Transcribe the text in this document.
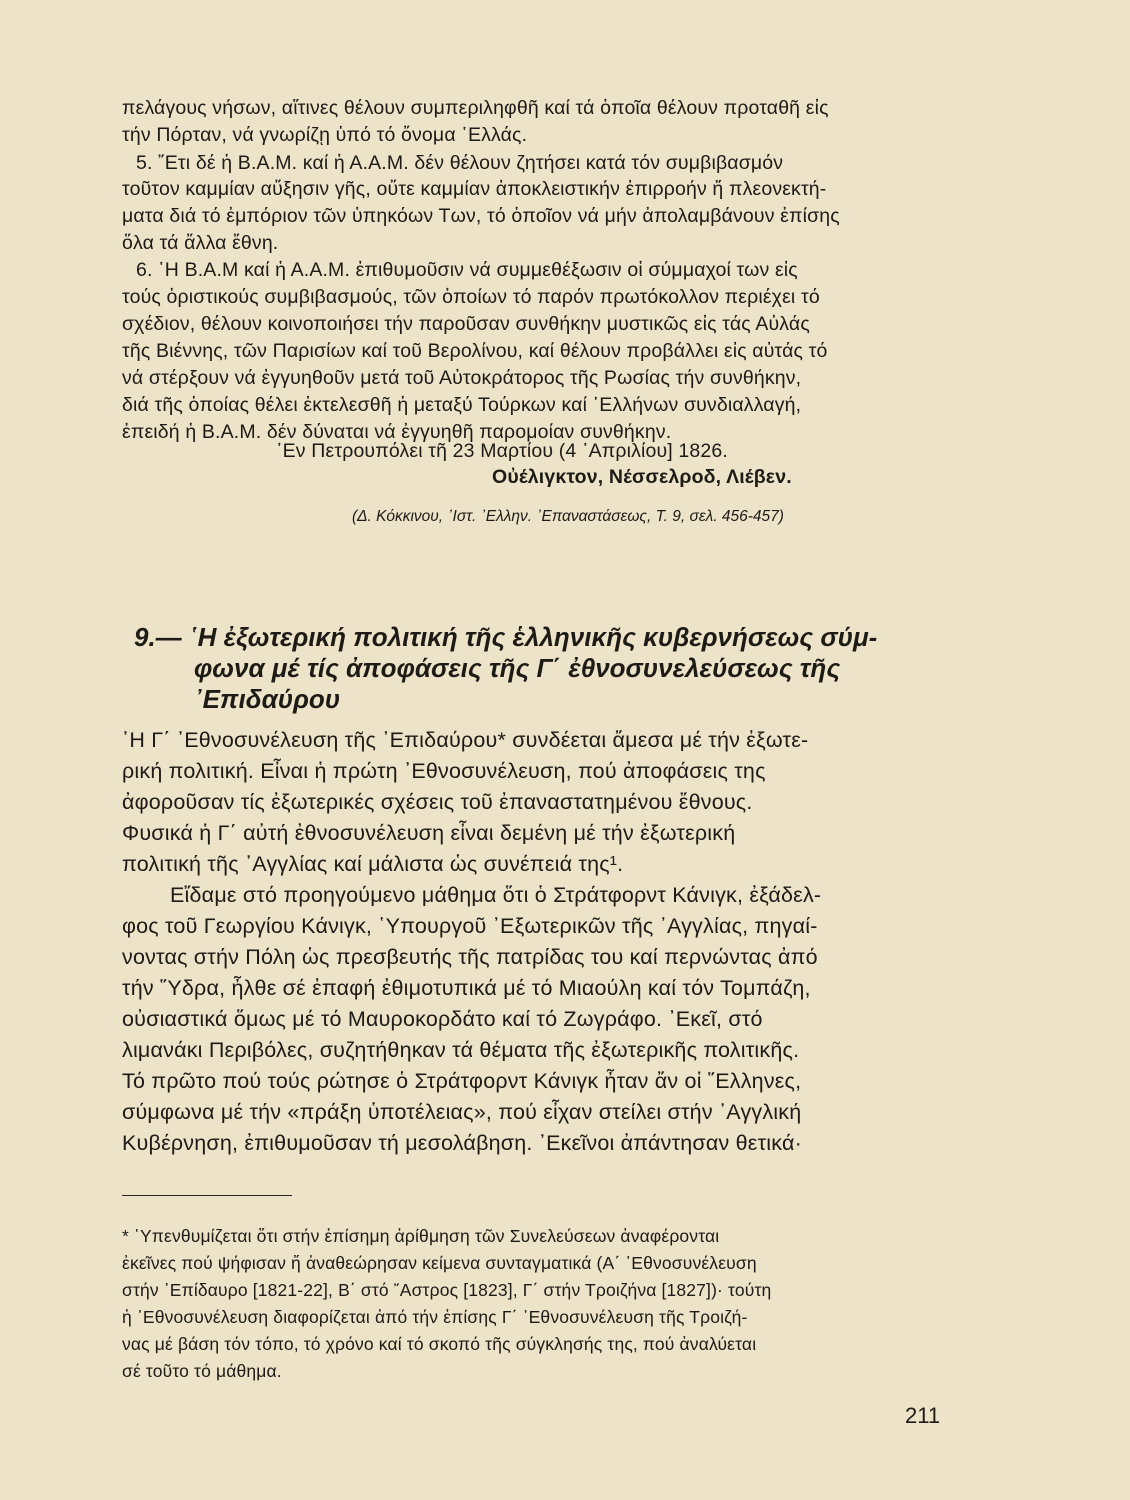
πελάγους νήσων, αἵτινες θέλουν συμπεριληφθῆ καί τά ὁποῖα θέλουν προταθῆ εἰς
τήν Πόρταν, νά γνωρίζῃ ὑπό τό ὄνομα ῾Ελλάς.
5. ῎Ετι δέ ἡ Β.Α.Μ. καί ἡ Α.Α.Μ. δέν θέλουν ζητήσει κατά τόν συμβιβασμόν
τοῦτον καμμίαν αὔξησιν γῆς, οὔτε καμμίαν ἀποκλειστικήν ἐπιρροήν ἤ πλεονεκτή-
ματα διά τό ἐμπόριον τῶν ὑπηκόων Των, τό ὁποῖον νά μήν ἀπολαμβάνουν ἐπίσης
ὅλα τά ἄλλα ἔθνη.
6. ῾Η Β.Α.Μ καί ἡ Α.Α.Μ. ἐπιθυμοῦσιν νά συμμεθέξωσιν οἱ σύμμαχοί των εἰς
τούς ὁριστικούς συμβιβασμούς, τῶν ὁποίων τό παρόν πρωτόκολλον περιέχει τό
σχέδιον, θέλουν κοινοποιήσει τήν παροῦσαν συνθήκην μυστικῶς εἰς τάς Αὐλάς
τῆς Βιέννης, τῶν Παρισίων καί τοῦ Βερολίνου, καί θέλουν προβάλλει εἰς αὐτάς τό
νά στέρξουν νά ἐγγυηθοῦν μετά τοῦ Αὐτοκράτορος τῆς Ρωσίας τήν συνθήκην,
διά τῆς ὁποίας θέλει ἐκτελεσθῆ ἡ μεταξύ Τούρκων καί ῾Ελλήνων συνδιαλλαγή,
ἐπειδή ἡ Β.Α.Μ. δέν δύναται νά ἐγγυηθῆ παρομοίαν συνθήκην.
᾿Εν Πετρουπόλει τῆ 23 Μαρτίου (4 ᾿Απριλίου] 1826.
Οὐέλιγκτον, Νέσσελροδ, Λιέβεν.
(Δ. Κόκκινου, ᾿Ιστ. ᾿Ελλην. ᾿Επαναστάσεως, Τ. 9, σελ. 456-457)
9.— ῾Η ἐξωτερική πολιτική τῆς ἑλληνικῆς κυβερνήσεως σύμ-
φωνα μέ τίς ἀποφάσεις τῆς Γ΄ ἐθνοσυνελεύσεως τῆς
᾿Επιδαύρου
῾Η Γ΄ ᾿Εθνοσυνέλευση τῆς ᾿Επιδαύρου* συνδέεται ἄμεσα μέ τήν ἐξωτε-
ρική πολιτική. Εἶναι ἡ πρώτη ᾿Εθνοσυνέλευση, πού ἀποφάσεις της
ἀφοροῦσαν τίς ἐξωτερικές σχέσεις τοῦ ἐπαναστατημένου ἔθνους.
Φυσικά ἡ Γ΄ αὐτή ἐθνοσυνέλευση εἶναι δεμένη μέ τήν ἐξωτερική
πολιτική τῆς ᾿Αγγλίας καί μάλιστα ὡς συνέπειά της¹.
Εἴδαμε στό προηγούμενο μάθημα ὅτι ὁ Στράτφορντ Κάνιγκ, ἐξάδελ-
φος τοῦ Γεωργίου Κάνιγκ, ῾Υπουργοῦ ᾿Εξωτερικῶν τῆς ᾿Αγγλίας, πηγαί-
νοντας στήν Πόλη ὡς πρεσβευτής τῆς πατρίδας του καί περνώντας ἀπό
τήν ῞Υδρα, ἦλθε σέ ἐπαφή ἐθιμοτυπικά μέ τό Μιαούλη καί τόν Τομπάζη,
οὐσιαστικά ὅμως μέ τό Μαυροκορδάτο καί τό Ζωγράφο. ᾿Εκεῖ, στό
λιμανάκι Περιβόλες, συζητήθηκαν τά θέματα τῆς ἐξωτερικῆς πολιτικῆς.
Τό πρῶτο πού τούς ρώτησε ὁ Στράτφορντ Κάνιγκ ἦταν ἄν οἱ ῞Ελληνες,
σύμφωνα μέ τήν «πράξη ὑποτέλειας», πού εἶχαν στείλει στήν ᾿Αγγλική
Κυβέρνηση, ἐπιθυμοῦσαν τή μεσολάβηση. ᾿Εκεῖνοι ἀπάντησαν θετικά·
* ῾Υπενθυμίζεται ὅτι στήν ἐπίσημη ἀρίθμηση τῶν Συνελεύσεων ἀναφέρονται
ἐκεῖνες πού ψήφισαν ἤ ἀναθεώρησαν κείμενα συνταγματικά (Α΄ ᾿Εθνοσυνέλευση
στήν ᾿Επίδαυρο [1821-22], Β΄ στό ῎Αστρος [1823], Γ΄ στήν Τροιζήνα [1827])· τούτη
ἡ ᾿Εθνοσυνέλευση διαφορίζεται ἀπό τήν ἐπίσης Γ΄ ᾿Εθνοσυνέλευση τῆς Τροιζή-
νας μέ βάση τόν τόπο, τό χρόνο καί τό σκοπό τῆς σύγκλησής της, πού ἀναλύεται
σέ τοῦτο τό μάθημα.
211
